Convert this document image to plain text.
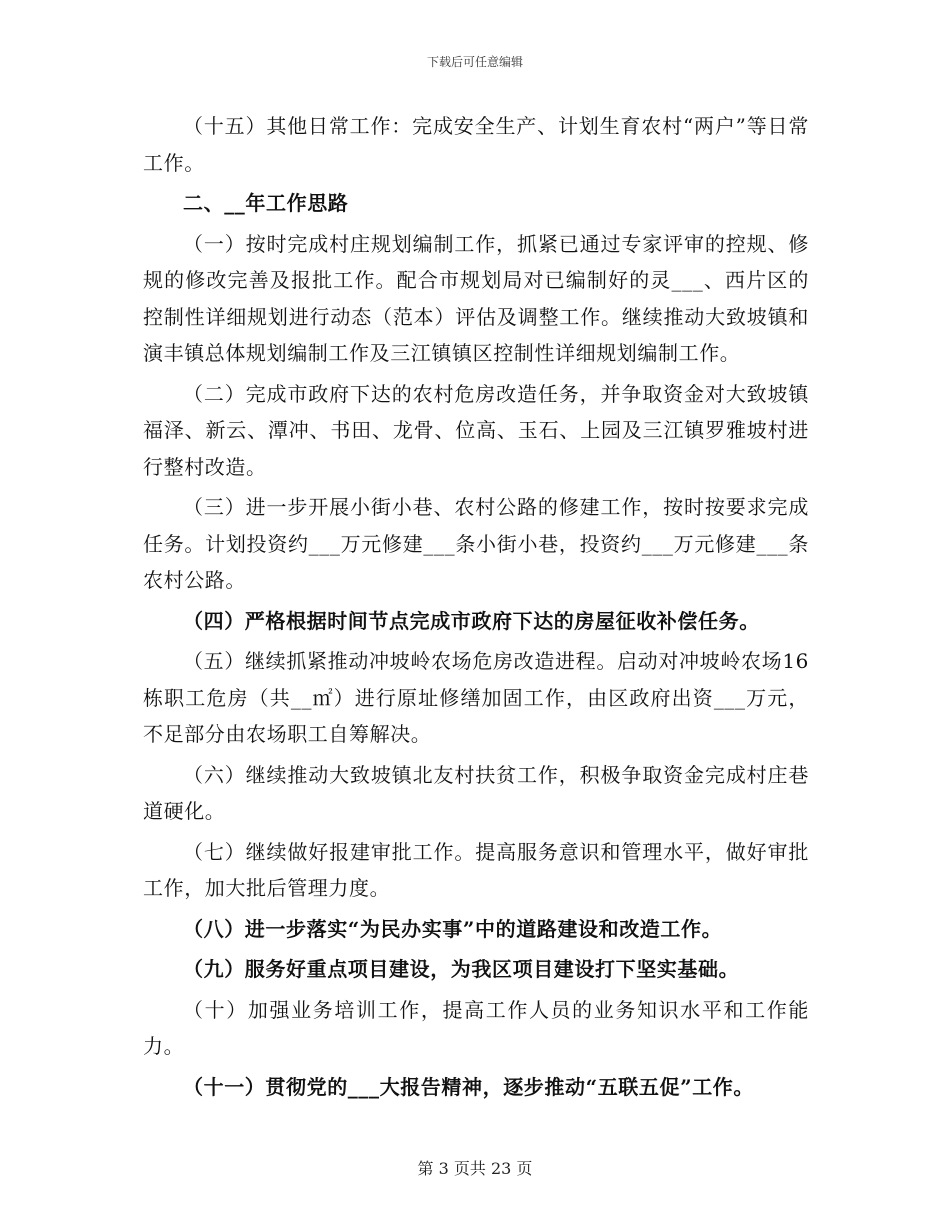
下载后可任意编辑

（十五）其他日常工作：完成安全生产、计划生育农村“两户”等日常工作。

二、__年工作思路

（一）按时完成村庄规划编制工作，抓紧已通过专家评审的控规、修规的修改完善及报批工作。配合市规划局对已编制好的灵___、西片区的控制性详细规划进行动态（范本）评估及调整工作。继续推动大致坡镇和演丰镇总体规划编制工作及三江镇镇区控制性详细规划编制工作。

（二）完成市政府下达的农村危房改造任务，并争取资金对大致坡镇福泽、新云、潭冲、书田、龙骨、位高、玉石、上园及三江镇罗雅坡村进行整村改造。

（三）进一步开展小街小巷、农村公路的修建工作，按时按要求完成任务。计划投资约___万元修建___条小街小巷，投资约___万元修建___条农村公路。

（四）严格根据时间节点完成市政府下达的房屋征收补偿任务。

（五）继续抓紧推动冲坡岭农场危房改造进程。启动对冲坡岭农场16栋职工危房（共__㎡）进行原址修缮加固工作，由区政府出资___万元，不足部分由农场职工自筹解决。

（六）继续推动大致坡镇北友村扶贫工作，积极争取资金完成村庄巷道硬化。

（七）继续做好报建审批工作。提高服务意识和管理水平，做好审批工作，加大批后管理力度。

（八）进一步落实“为民办实事”中的道路建设和改造工作。

（九）服务好重点项目建设，为我区项目建设打下坚实基础。

（十）加强业务培训工作，提高工作人员的业务知识水平和工作能力。

（十一）贯彻党的___大报告精神，逐步推动“五联五促”工作。

第 3 页共 23 页
